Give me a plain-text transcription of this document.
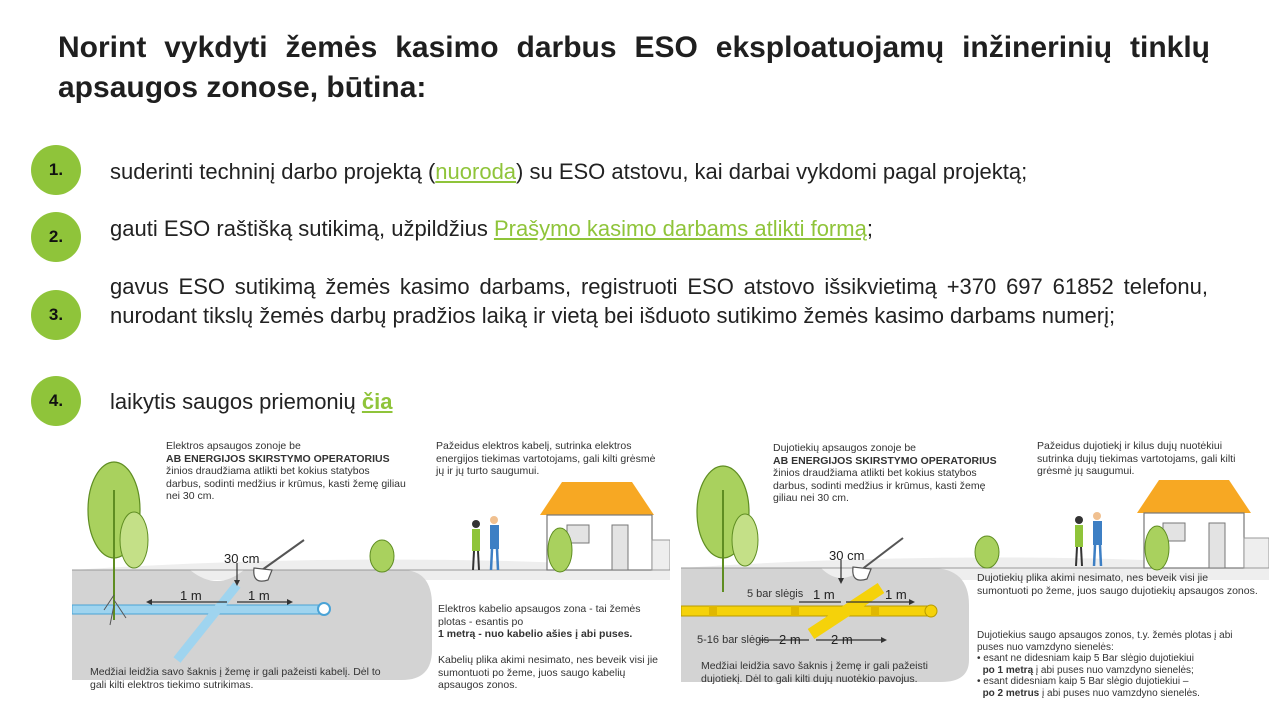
Norint vykdyti žemės kasimo darbus ESO eksploatuojamų inžinerinių tinklų apsaugos zonose, būtina:
1.	suderinti techninį darbo projektą (nuoroda) su ESO atstovu, kai darbai vykdomi pagal projektą;
2.	gauti ESO raštišką sutikimą, užpildžius Prašymo kasimo darbams atlikti formą;
3.
gavus ESO sutikimą žemės kasimo darbams, registruoti ESO atstovo išsikvietimą +370 697 61852 telefonu, nurodant tikslų žemės darbų pradžios laiką ir vietą bei išduoto sutikimo žemės kasimo darbams numerį;
4.	laikytis saugos priemonių čia
Elektros apsaugos zonoje be
AB ENERGIJOS SKIRSTYMO OPERATORIUS
žinios draudžiama atlikti bet kokius statybos darbus, sodinti medžius ir krūmus, kasti žemę giliau nei 30 cm.
Pažeidus elektros kabelį, sutrinka elektros energijos tiekimas vartotojams, gali kilti grėsmė jų ir jų turto saugumui.
30 cm
1 m	1 m
Elektros kabelio apsaugos zona - tai žemės plotas - esantis po
1 metrą - nuo kabelio ašies į abi puses.
Kabelių plika akimi nesimato, nes beveik visi jie sumontuoti po žeme, juos saugo kabelių apsaugos zonos.
Medžiai leidžia savo šaknis į žemę ir gali pažeisti kabelį. Dėl to gali kilti elektros tiekimo sutrikimas.
Dujotiekių apsaugos zonoje be
AB ENERGIJOS SKIRSTYMO OPERATORIUS
žinios draudžiama atlikti bet kokius statybos darbus, sodinti medžius ir krūmus, kasti žemę giliau nei 30 cm.
Pažeidus dujotiekį ir kilus dujų nuotėkiui sutrinka dujų tiekimas vartotojams, gali kilti grėsmė jų saugumui.
30 cm
5 bar slėgis 1 m	1 m
5-16 bar slėgis 2 m 2 m
Dujotiekių plika akimi nesimato, nes beveik visi jie sumontuoti po žeme, juos saugo dujotiekių apsaugos zonos.
Dujotiekius saugo apsaugos zonos, t.y. žemės plotas į abi puses nuo vamzdyno sienelės:
• esant ne didesniam kaip 5 Bar slėgio dujotiekiui
po 1 metrą į abi puses nuo vamzdyno sienelės;
• esant didesniam kaip 5 Bar slėgio dujotiekiui –
po 2 metrus į abi puses nuo vamzdyno sienelės.
Medžiai leidžia savo šaknis į žemę ir gali pažeisti dujotiekį. Dėl to gali kilti dujų nuotėkio pavojus.
